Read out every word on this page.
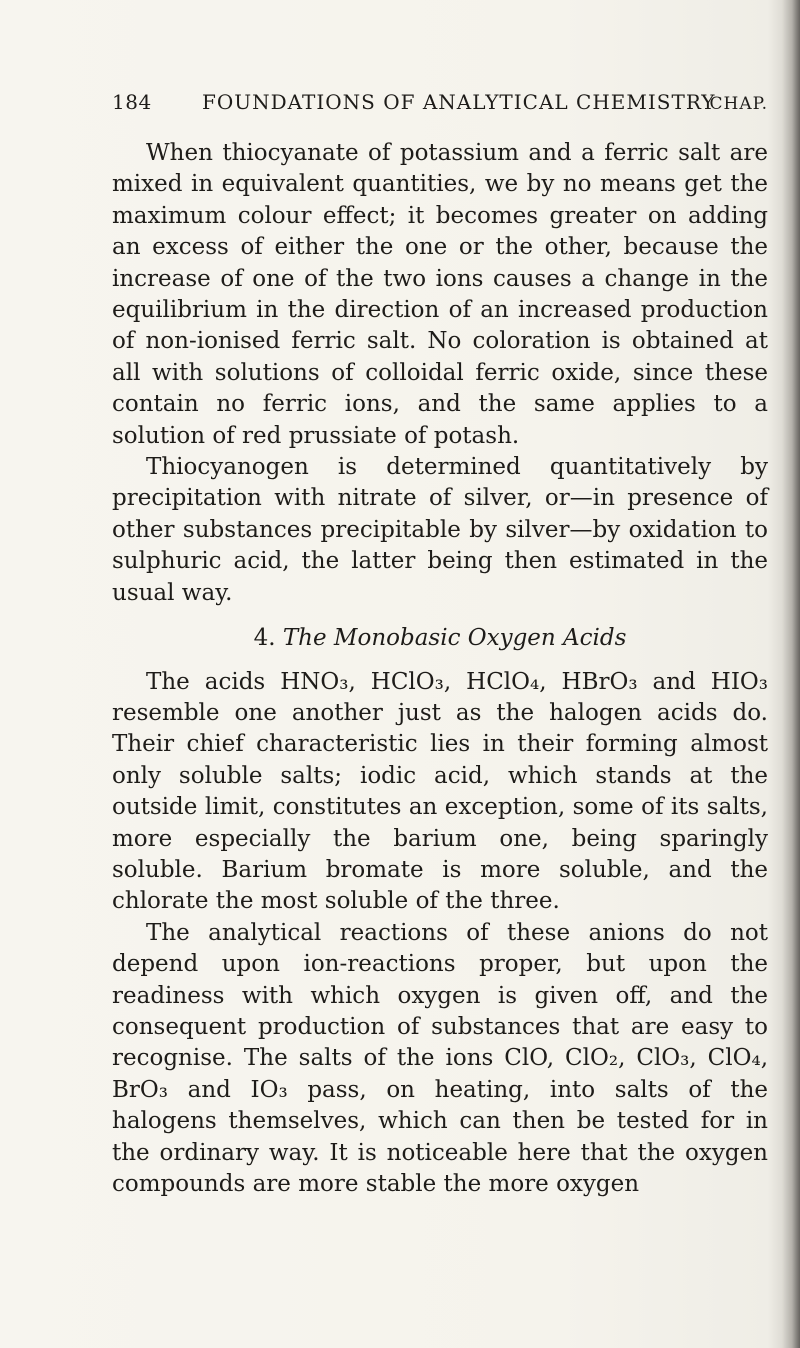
184	FOUNDATIONS OF ANALYTICAL CHEMISTRY
CHAP.

When thiocyanate of potassium and a ferric salt are mixed in equivalent quantities, we by no means get the maximum colour effect; it becomes greater on adding an excess of either the one or the other, because the increase of one of the two ions causes a change in the equilibrium in the direction of an increased production of non-ionised ferric salt. No coloration is obtained at all with solutions of colloidal ferric oxide, since these contain no ferric ions, and the same applies to a solution of red prussiate of potash.

Thiocyanogen is determined quantitatively by precipitation with nitrate of silver, or—in presence of other substances precipitable by silver—by oxidation to sulphuric acid, the latter being then estimated in the usual way.

4. The Monobasic Oxygen Acids

The acids HNO₃, HClO₃, HClO₄, HBrO₃ and HIO₃ resemble one another just as the halogen acids do. Their chief characteristic lies in their forming almost only soluble salts; iodic acid, which stands at the outside limit, constitutes an exception, some of its salts, more especially the barium one, being sparingly soluble. Barium bromate is more soluble, and the chlorate the most soluble of the three.

The analytical reactions of these anions do not depend upon ion-reactions proper, but upon the readiness with which oxygen is given off, and the consequent production of substances that are easy to recognise. The salts of the ions ClO, ClO₂, ClO₃, ClO₄, BrO₃ and IO₃ pass, on heating, into salts of the halogens themselves, which can then be tested for in the ordinary way. It is noticeable here that the oxygen compounds are more stable the more oxygen
